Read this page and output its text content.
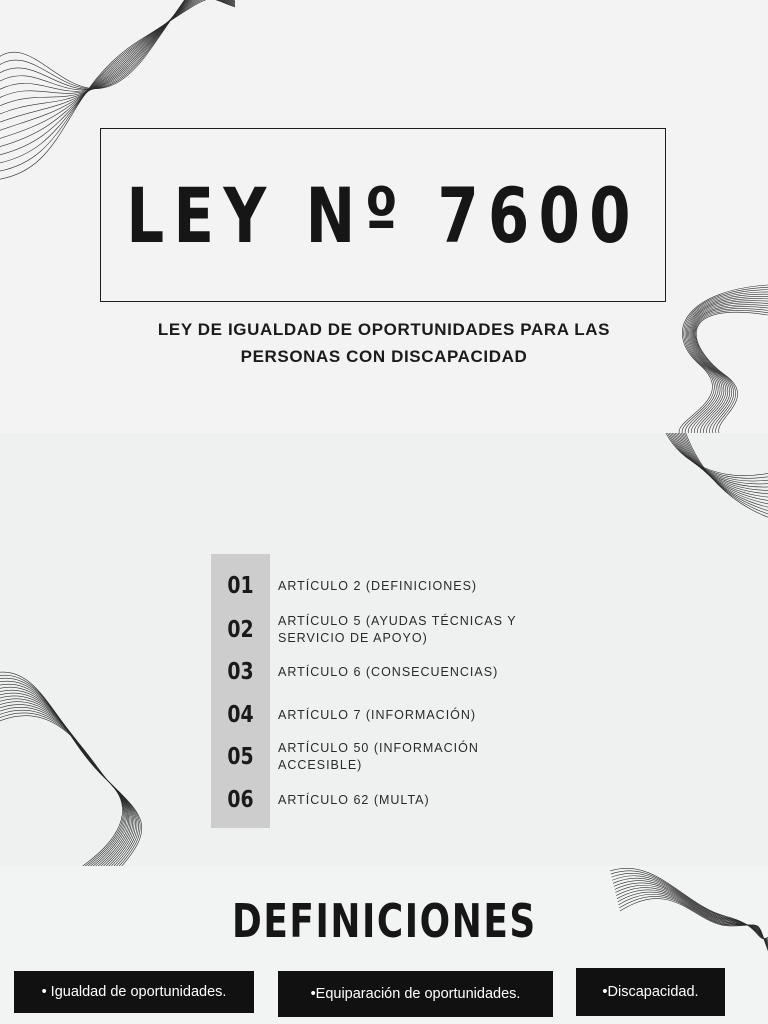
LEY Nº 7600
LEY DE IGUALDAD DE OPORTUNIDADES PARA LAS
PERSONAS CON DISCAPACIDAD
01	ARTÍCULO 2 (DEFINICIONES)
02	ARTÍCULO 5 (AYUDAS TÉCNICAS Y SERVICIO DE APOYO)
03	ARTÍCULO 6 (CONSECUENCIAS)
04	ARTÍCULO 7 (INFORMACIÓN)
05	ARTÍCULO 50 (INFORMACIÓN ACCESIBLE)
06	ARTÍCULO 62 (MULTA)
DEFINICIONES
• Igualdad de oportunidades.	•Equiparación de oportunidades.	•Discapacidad.
